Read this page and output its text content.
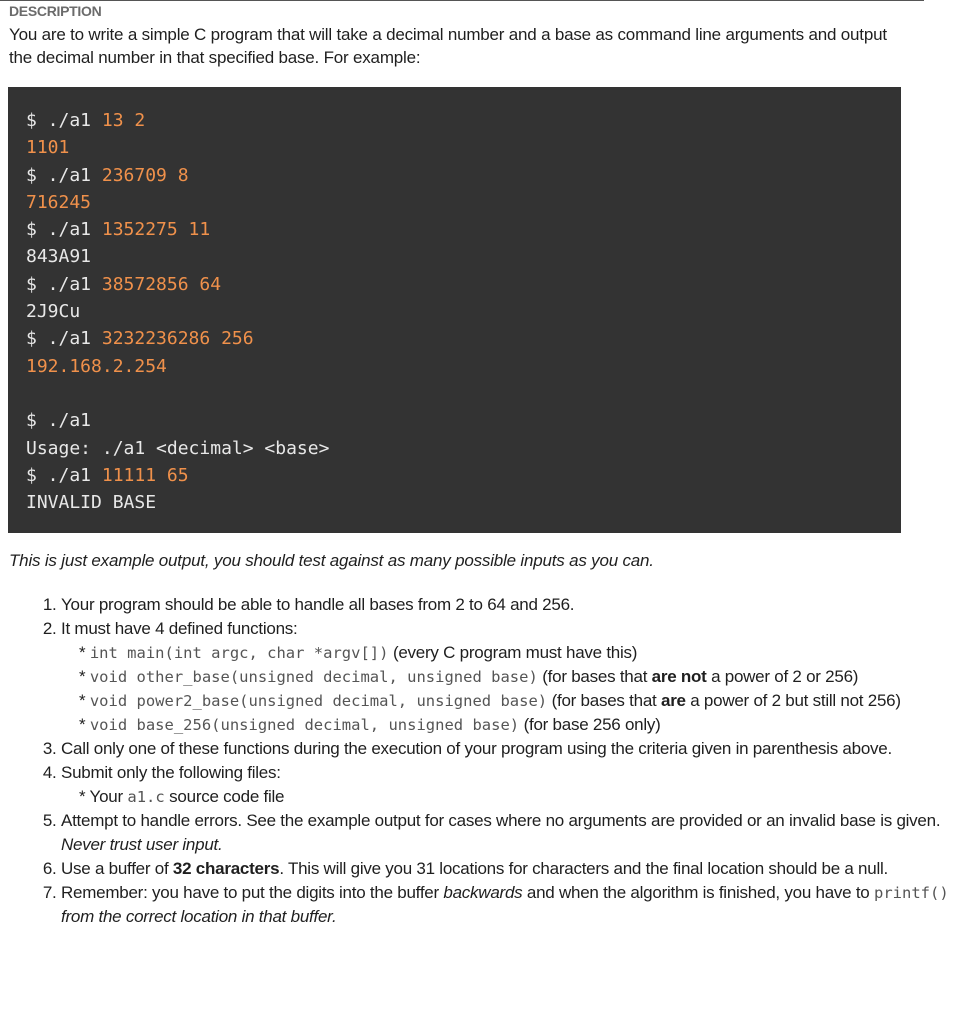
DESCRIPTION
You are to write a simple C program that will take a decimal number and a base as command line arguments and output the decimal number in that specified base. For example:
$ ./a1 13 2
1101
$ ./a1 236709 8
716245
$ ./a1 1352275 11
843A91
$ ./a1 38572856 64
2J9Cu
$ ./a1 3232236286 256
192.168.2.254
$ ./a1
Usage: ./a1 <decimal> <base>
$ ./a1 11111 65
INVALID BASE
This is just example output, you should test against as many possible inputs as you can.
1. Your program should be able to handle all bases from 2 to 64 and 256.
2. It must have 4 defined functions:
* int main(int argc, char *argv[]) (every C program must have this)
* void other_base(unsigned decimal, unsigned base) (for bases that are not a power of 2 or 256)
* void power2_base(unsigned decimal, unsigned base) (for bases that are a power of 2 but still not 256)
* void base_256(unsigned decimal, unsigned base) (for base 256 only)
3. Call only one of these functions during the execution of your program using the criteria given in parenthesis above.
4. Submit only the following files:
* Your a1.c source code file
5. Attempt to handle errors. See the example output for cases where no arguments are provided or an invalid base is given. Never trust user input.
6. Use a buffer of 32 characters. This will give you 31 locations for characters and the final location should be a null.
7. Remember: you have to put the digits into the buffer backwards and when the algorithm is finished, you have to printf() from the correct location in that buffer.
